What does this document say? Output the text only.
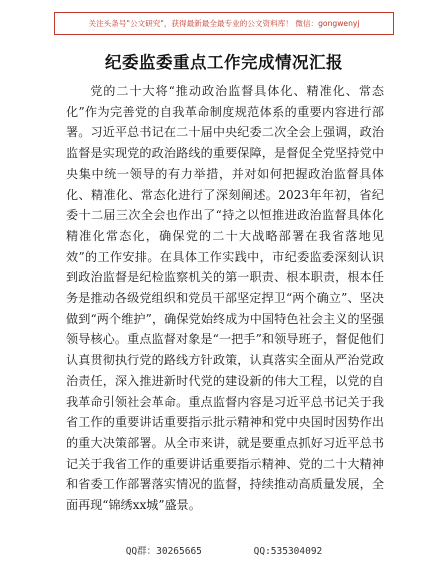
关注头条号"公文研究"，获得最新最全最专业的公文资料库！ 微信：gongwenyj
纪委监委重点工作完成情况汇报

党的二十大将“推动政治监督具体化、精准化、常态化”作为完善党的自我革命制度规范体系的重要内容进行部署。习近平总书记在二十届中央纪委二次全会上强调，政治监督是实现党的政治路线的重要保障，是督促全党坚持党中央集中统一领导的有力举措，并对如何把握政治监督具体化、精准化、常态化进行了深刻阐述。2023年年初，省纪委十二届三次全会也作出了“持之以恒推进政治监督具体化精准化常态化，确保党的二十大战略部署在我省落地见效”的工作安排。在具体工作实践中，市纪委监委深刻认识到政治监督是纪检监察机关的第一职责、根本职责，根本任务是推动各级党组织和党员干部坚定捍卫“两个确立”、坚决做到“两个维护”，确保党始终成为中国特色社会主义的坚强领导核心。重点监督对象是“一把手”和领导班子，督促他们认真贯彻执行党的路线方针政策，认真落实全面从严治党政治责任，深入推进新时代党的建设新的伟大工程，以党的自我革命引领社会革命。重点监督内容是习近平总书记关于我省工作的重要讲话重要指示批示精神和党中央国时因势作出的重大决策部署。从全市来讲，就是要重点抓好习近平总书记关于我省工作的重要讲话重要指示精神、党的二十大精神和省委工作部署落实情况的监督，持续推动高质量发展，全面再现“锦绣xx城”盛景。

QQ群：30265665	QQ:535304092
